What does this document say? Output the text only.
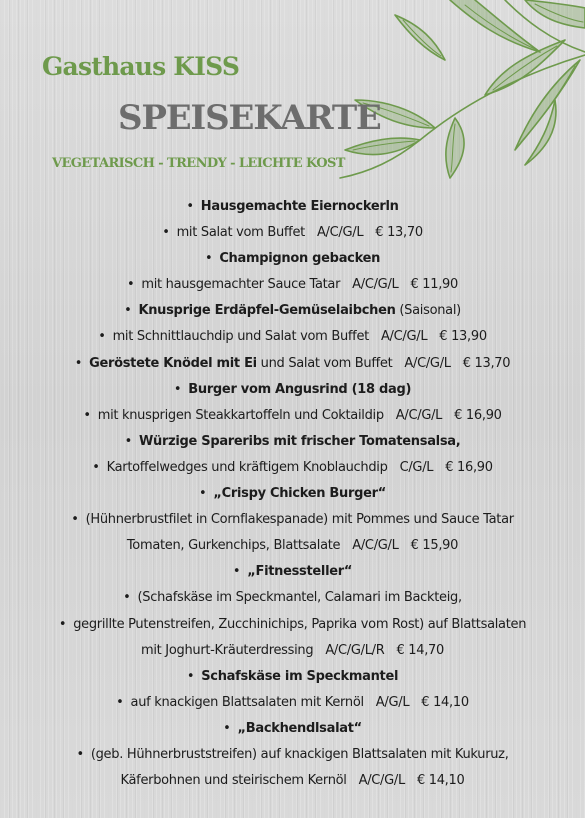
Gasthaus KISS
SPEISEKARTE
VEGETARISCH - TRENDY - LEICHTE KOST
• Hausgemachte Eiernockerln
• mit Salat vom Buffet A/C/G/L € 13,70
• Champignon gebacken
• mit hausgemachter Sauce Tatar A/C/G/L € 11,90
• Knusprige Erdäpfel-Gemüselaibchen (Saisonal)
• mit Schnittlauchdip und Salat vom Buffet A/C/G/L € 13,90
• Geröstete Knödel mit Ei und Salat vom Buffet A/C/G/L € 13,70
• Burger vom Angusrind (18 dag)
• mit knusprigen Steakkartoffeln und Coktaildip A/C/G/L € 16,90
• Würzige Spareribs mit frischer Tomatensalsa,
• Kartoffelwedges und kräftigem Knoblauchdip C/G/L € 16,90
• „Crispy Chicken Burger“
• (Hühnerbrustfilet in Cornflakespanade) mit Pommes und Sauce Tatar
Tomaten, Gurkenchips, Blattsalate A/C/G/L € 15,90
• „Fitnessteller“
• (Schafskäse im Speckmantel, Calamari im Backteig,
• gegrillte Putenstreifen, Zucchinichips, Paprika vom Rost) auf Blattsalaten
mit Joghurt-Kräuterdressing A/C/G/L/R € 14,70
• Schafskäse im Speckmantel
• auf knackigen Blattsalaten mit Kernöl A/G/L € 14,10
• „Backhendlsalat“
• (geb. Hühnerbruststreifen) auf knackigen Blattsalaten mit Kukuruz,
Käferbohnen und steirischem Kernöl A/C/G/L € 14,10
